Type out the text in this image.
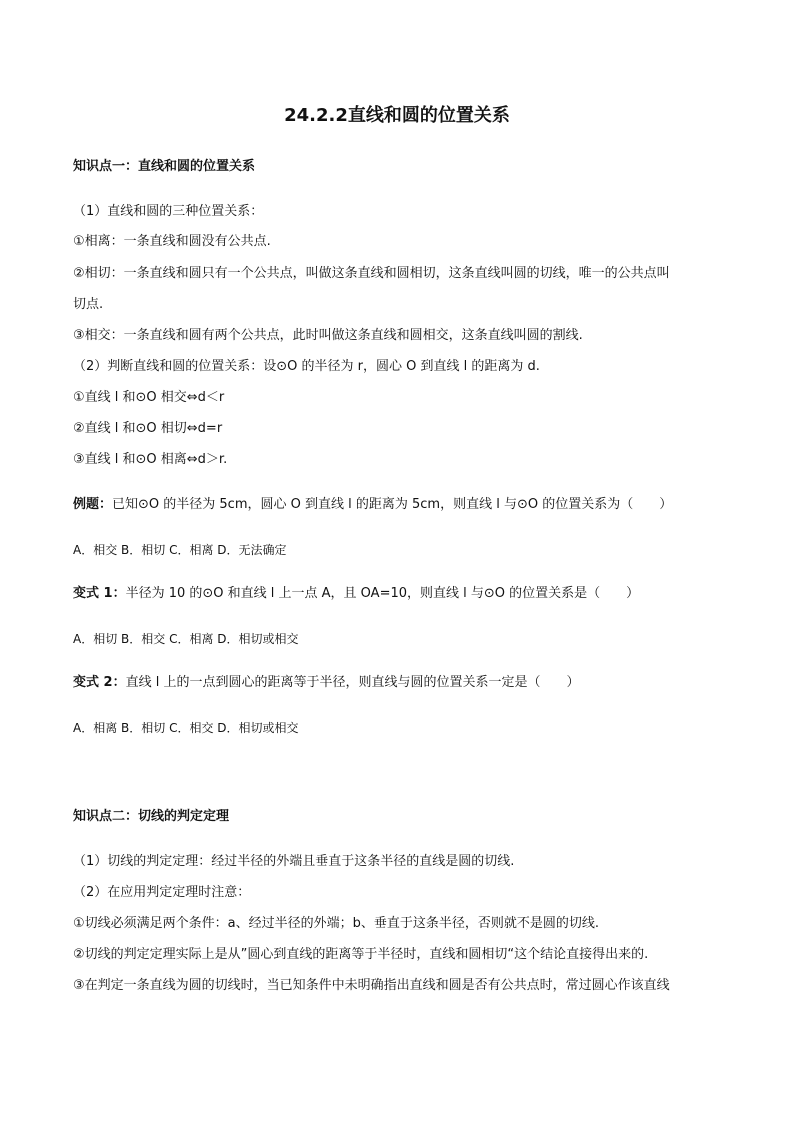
24.2.2直线和圆的位置关系
知识点一：直线和圆的位置关系
（1）直线和圆的三种位置关系：
①相离：一条直线和圆没有公共点.
②相切：一条直线和圆只有一个公共点，叫做这条直线和圆相切，这条直线叫圆的切线，唯一的公共点叫
切点.
③相交：一条直线和圆有两个公共点，此时叫做这条直线和圆相交，这条直线叫圆的割线.
（2）判断直线和圆的位置关系：设⊙O 的半径为 r，圆心 O 到直线 l 的距离为 d.
①直线 l 和⊙O 相交⇔d＜r
②直线 l 和⊙O 相切⇔d=r
③直线 l 和⊙O 相离⇔d＞r.
例题：已知⊙O 的半径为 5cm，圆心 O 到直线 l 的距离为 5cm，则直线 l 与⊙O 的位置关系为（　　）
A．相交 B．相切 C．相离 D．无法确定
变式 1：半径为 10 的⊙O 和直线 l 上一点 A，且 OA=10，则直线 l 与⊙O 的位置关系是（　　）
A．相切 B．相交 C．相离 D．相切或相交
变式 2：直线 l 上的一点到圆心的距离等于半径，则直线与圆的位置关系一定是（　　）
A．相离 B．相切 C．相交 D．相切或相交
知识点二：切线的判定定理
（1）切线的判定定理：经过半径的外端且垂直于这条半径的直线是圆的切线.
（2）在应用判定定理时注意：
①切线必须满足两个条件：a、经过半径的外端；b、垂直于这条半径，否则就不是圆的切线.
②切线的判定定理实际上是从”圆心到直线的距离等于半径时，直线和圆相切“这个结论直接得出来的.
③在判定一条直线为圆的切线时，当已知条件中未明确指出直线和圆是否有公共点时，常过圆心作该直线
